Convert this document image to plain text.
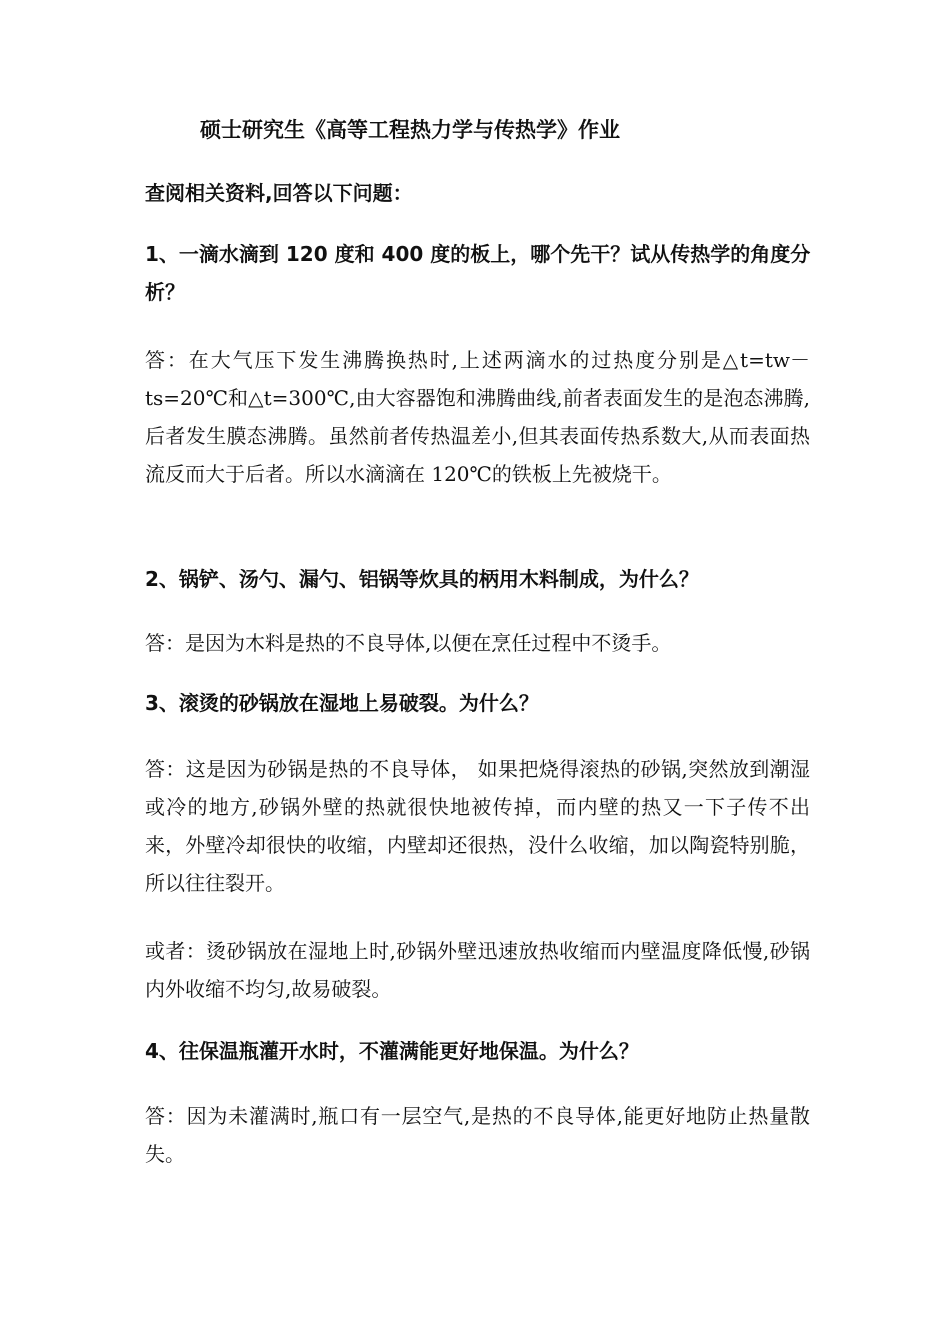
硕士研究生《高等工程热力学与传热学》作业
查阅相关资料,回答以下问题：
1、一滴水滴到 120 度和 400 度的板上，哪个先干？试从传热学的角度分析？
答：在大气压下发生沸腾换热时,上述两滴水的过热度分别是△t=tw－ts=20℃和△t=300℃,由大容器饱和沸腾曲线,前者表面发生的是泡态沸腾,后者发生膜态沸腾。虽然前者传热温差小,但其表面传热系数大,从而表面热流反而大于后者。所以水滴滴在 120℃的铁板上先被烧干。
2、锅铲、汤勺、漏勺、铝锅等炊具的柄用木料制成，为什么？
答：是因为木料是热的不良导体,以便在烹任过程中不烫手。
3、滚烫的砂锅放在湿地上易破裂。为什么？
答：这是因为砂锅是热的不良导体， 如果把烧得滚热的砂锅,突然放到潮湿或冷的地方,砂锅外壁的热就很快地被传掉，而内壁的热又一下子传不出来，外壁冷却很快的收缩，内壁却还很热，没什么收缩，加以陶瓷特别脆，所以往往裂开。
或者：烫砂锅放在湿地上时,砂锅外壁迅速放热收缩而内壁温度降低慢,砂锅内外收缩不均匀,故易破裂。
4、往保温瓶灌开水时，不灌满能更好地保温。为什么？
答：因为未灌满时,瓶口有一层空气,是热的不良导体,能更好地防止热量散失。
